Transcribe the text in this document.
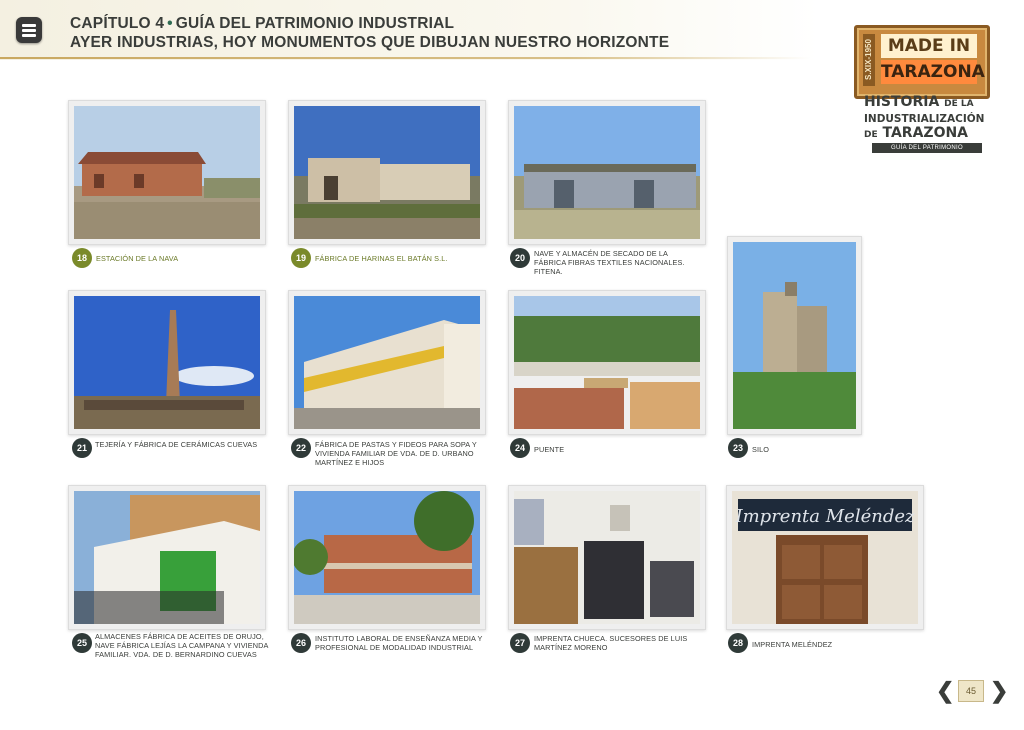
CAPÍTULO 4 • GUÍA DEL PATRIMONIO INDUSTRIAL
AYER INDUSTRIAS, HOY MONUMENTOS QUE DIBUJAN NUESTRO HORIZONTE	S.XIX-1950 MADE IN
TARAZONA
HISTORIA DE LA
INDUSTRIALIZACIÓN
DE TARAZONA
GUÍA DEL PATRIMONIO INDUSTRIAL
18	ESTACIÓN DE LA NAVA	19	FÁBRICA DE HARINAS EL BATÁN S.L.	20	NAVE Y ALMACÉN DE SECADO DE LA FÁBRICA FIBRAS TEXTILES NACIONALES. FITENA.
21	TEJERÍA Y FÁBRICA DE CERÁMICAS CUEVAS	22	FÁBRICA DE PASTAS Y FIDEOS PARA SOPA Y VIVIENDA FAMILIAR DE VDA. DE D. URBANO MARTÍNEZ E HIJOS
24	PUENTE	23	SILO
25
ALMACENES FÁBRICA DE ACEITES DE ORUJO, NAVE FÁBRICA LEJÍAS LA CAMPANA Y VIVIENDA FAMILIAR. VDA. DE D. BERNARDINO CUEVAS
26	INSTITUTO LABORAL DE ENSEÑANZA MEDIA Y PROFESIONAL DE MODALIDAD INDUSTRIAL	27	IMPRENTA CHUECA. SUCESORES DE LUIS MARTÍNEZ MORENO
Imprenta Meléndez
28	IMPRENTA MELÉNDEZ
❮	45 ❯
